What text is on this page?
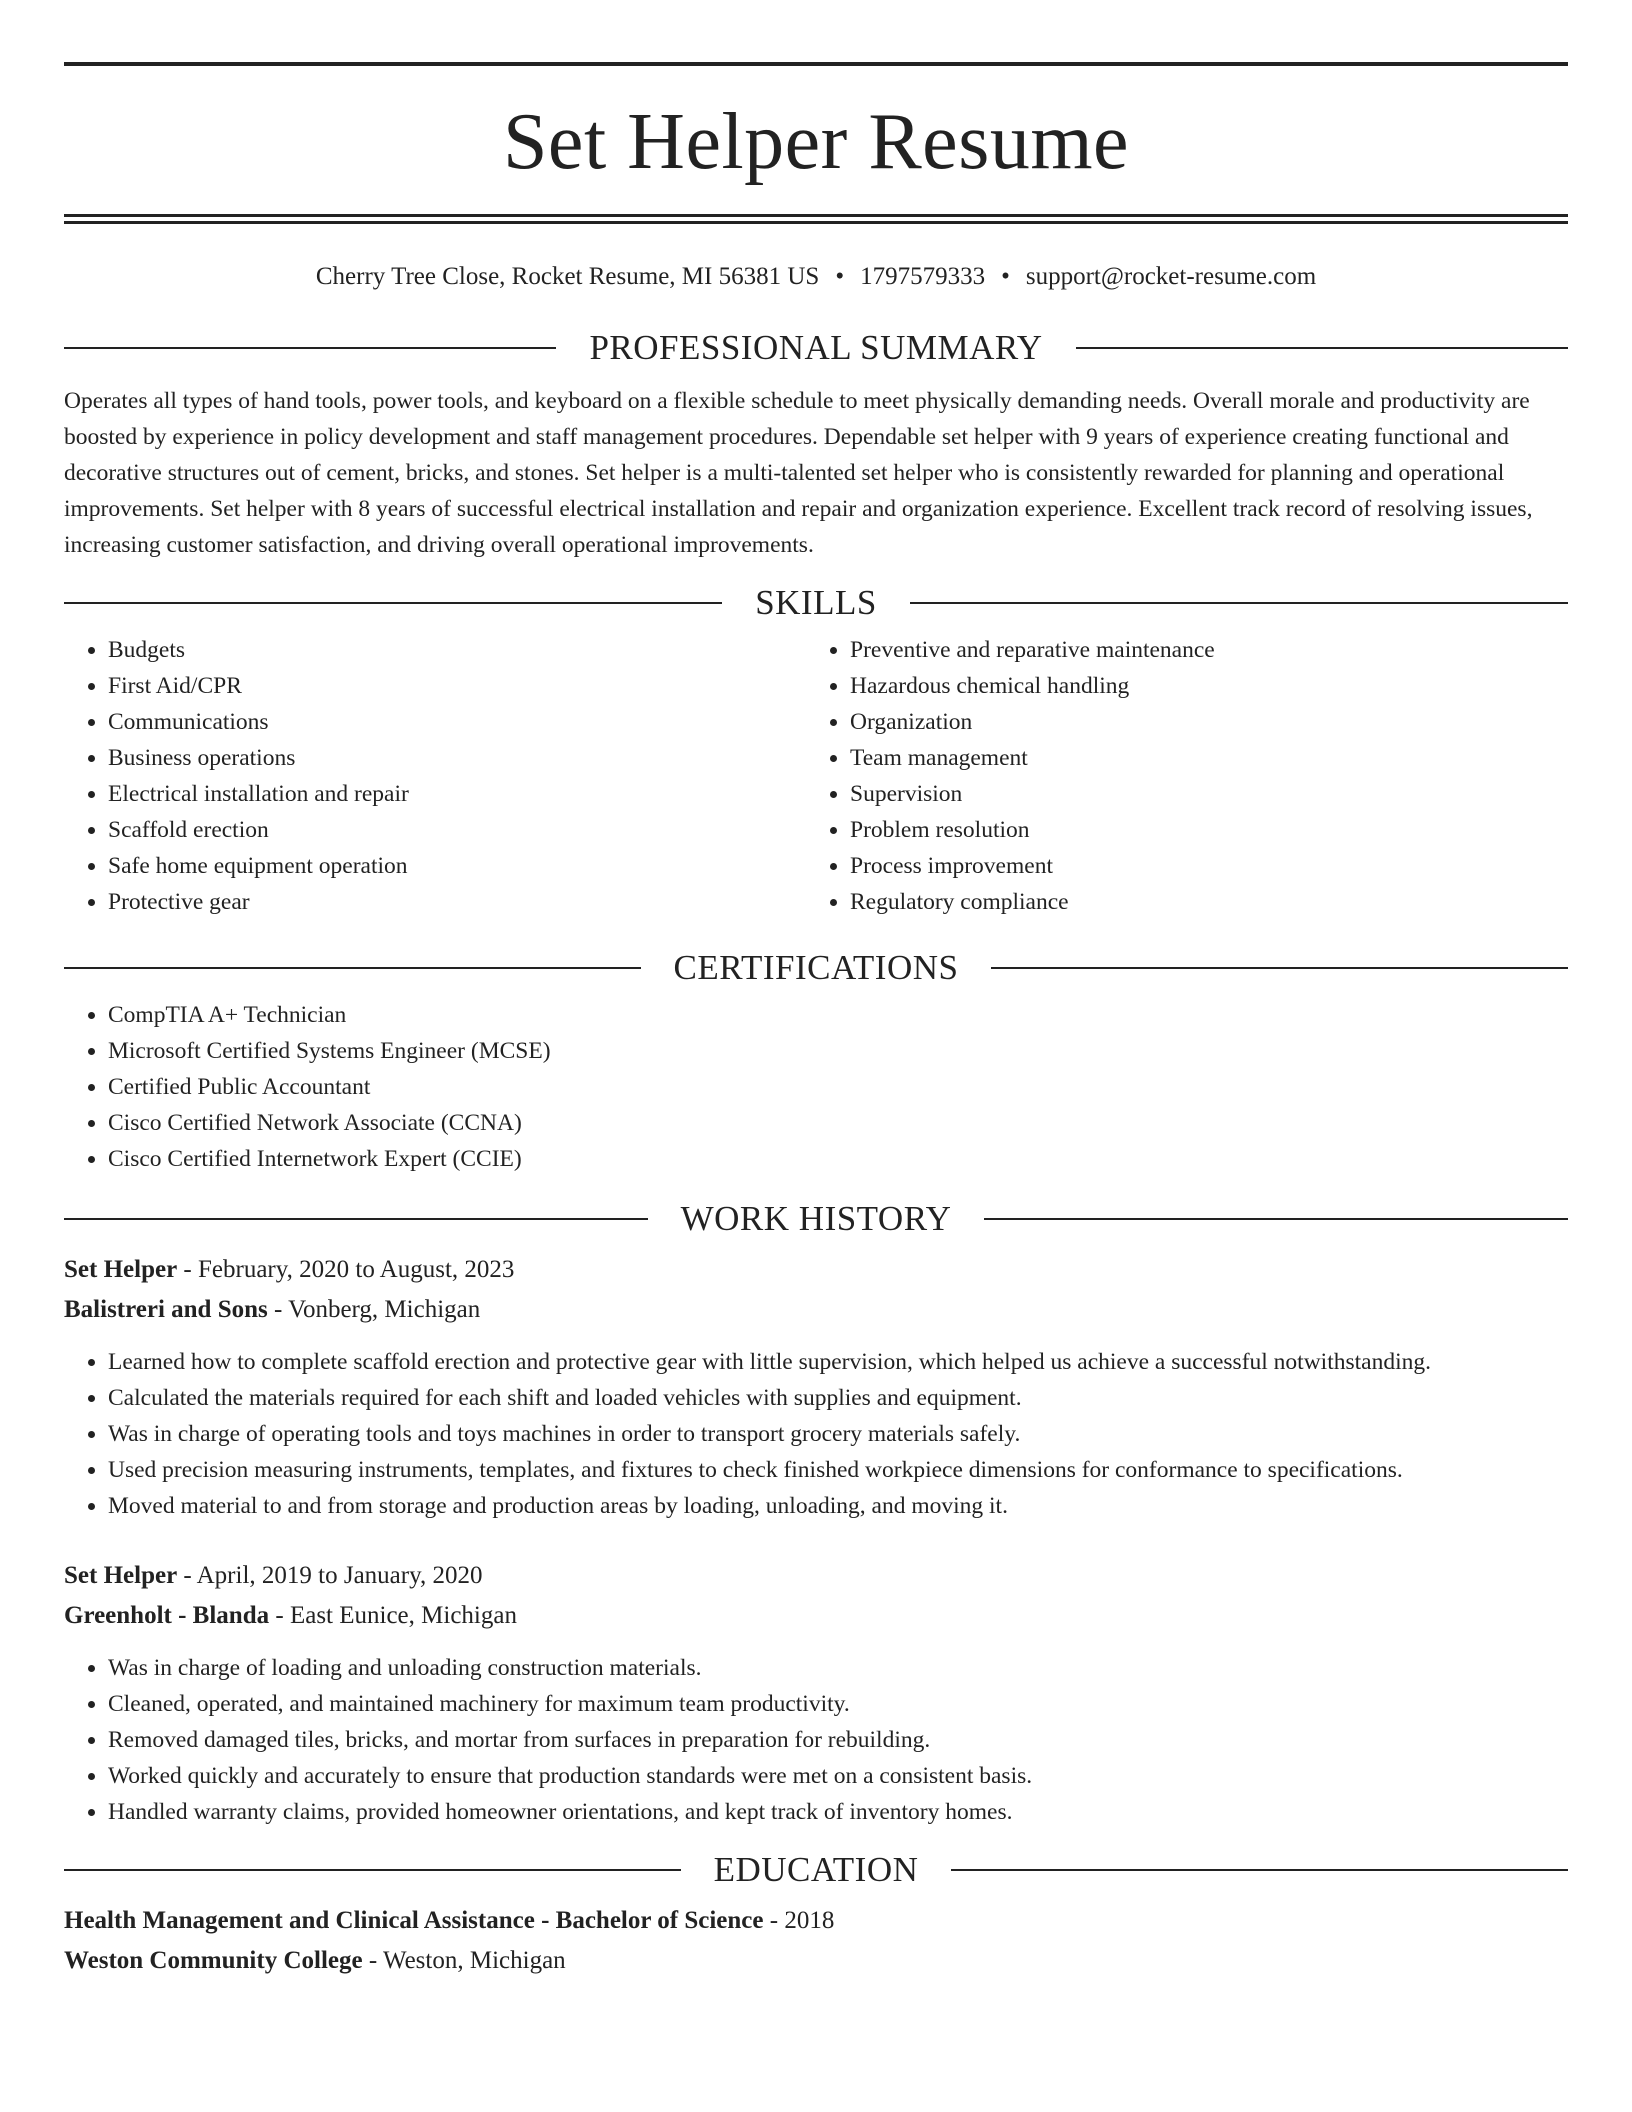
Set Helper Resume
Cherry Tree Close, Rocket Resume, MI 56381 US • 1797579333 • support@rocket-resume.com
PROFESSIONAL SUMMARY

Operates all types of hand tools, power tools, and keyboard on a flexible schedule to meet physically demanding needs. Overall morale and productivity are boosted by experience in policy development and staff management procedures. Dependable set helper with 9 years of experience creating functional and decorative structures out of cement, bricks, and stones. Set helper is a multi-talented set helper who is consistently rewarded for planning and operational improvements. Set helper with 8 years of successful electrical installation and repair and organization experience. Excellent track record of resolving issues, increasing customer satisfaction, and driving overall operational improvements.

SKILLS
• Budgets
• First Aid/CPR
• Communications
• Business operations
• Electrical installation and repair
• Scaffold erection
• Safe home equipment operation
• Protective gear
• Preventive and reparative maintenance
• Hazardous chemical handling
• Organization
• Team management
• Supervision
• Problem resolution
• Process improvement
• Regulatory compliance
CERTIFICATIONS
• CompTIA A+ Technician
• Microsoft Certified Systems Engineer (MCSE)
• Certified Public Accountant
• Cisco Certified Network Associate (CCNA)
• Cisco Certified Internetwork Expert (CCIE)
WORK HISTORY
Set Helper - February, 2020 to August, 2023
Balistreri and Sons - Vonberg, Michigan
• Learned how to complete scaffold erection and protective gear with little supervision, which helped us achieve a successful notwithstanding.
• Calculated the materials required for each shift and loaded vehicles with supplies and equipment.
• Was in charge of operating tools and toys machines in order to transport grocery materials safely.
• Used precision measuring instruments, templates, and fixtures to check finished workpiece dimensions for conformance to specifications.
• Moved material to and from storage and production areas by loading, unloading, and moving it.
Set Helper - April, 2019 to January, 2020
Greenholt - Blanda - East Eunice, Michigan
• Was in charge of loading and unloading construction materials.
• Cleaned, operated, and maintained machinery for maximum team productivity.
• Removed damaged tiles, bricks, and mortar from surfaces in preparation for rebuilding.
• Worked quickly and accurately to ensure that production standards were met on a consistent basis.
• Handled warranty claims, provided homeowner orientations, and kept track of inventory homes.
EDUCATION
Health Management and Clinical Assistance - Bachelor of Science - 2018
Weston Community College - Weston, Michigan
